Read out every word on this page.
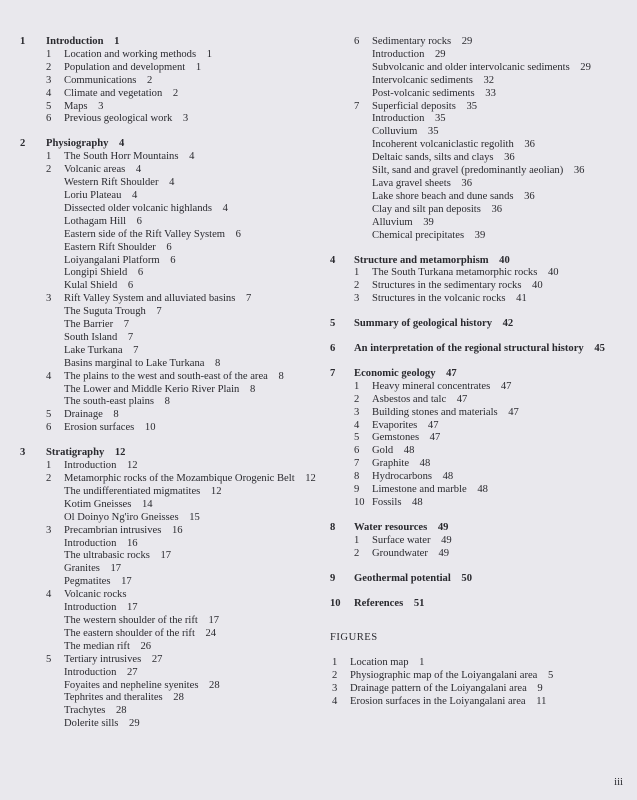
1	Introduction  1
1 Location and working methods  1
2 Population and development  1
3 Communications  2
4 Climate and vegetation  2
5 Maps  3
6 Previous geological work  3
2	Physiography  4
1 The South Horr Mountains  4
2 Volcanic areas  4
Western Rift Shoulder  4
Loriu Plateau  4
Dissected older volcanic highlands  4
Lothagam Hill  6
Eastern side of the Rift Valley System  6
Eastern Rift Shoulder  6
Loiyangalani Platform  6
Longipi Shield  6
Kulal Shield  6
3 Rift Valley System and alluviated basins  7
The Suguta Trough  7
The Barrier  7
South Island  7
Lake Turkana  7
Basins marginal to Lake Turkana  8
4 The plains to the west and south-east of the area  8
The Lower and Middle Kerio River Plain  8
The south-east plains  8
5 Drainage  8
6 Erosion surfaces  10
3	Stratigraphy  12
1 Introduction  12
2 Metamorphic rocks of the Mozambique Orogenic Belt  12
The undifferentiated migmatites  12
Kotim Gneisses  14
Ol Doinyo Ng'iro Gneisses  15
3 Precambrian intrusives  16
Introduction  16
The ultrabasic rocks  17
Granites  17
Pegmatites  17
4 Volcanic rocks
Introduction  17
The western shoulder of the rift  17
The eastern shoulder of the rift  24
The median rift  26
5 Tertiary intrusives  27
Introduction  27
Foyaites and nepheline syenites  28
Tephrites and theralites  28
Trachytes  28
Dolerite sills  29
6 Sedimentary rocks  29
Introduction  29
Subvolcanic and older intervolcanic sediments  29
Intervolcanic sediments  32
Post-volcanic sediments  33
7 Superficial deposits  35
Introduction  35
Colluvium  35
Incoherent volcaniclastic regolith  36
Deltaic sands, silts and clays  36
Silt, sand and gravel (predominantly aeolian)  36
Lava gravel sheets  36
Lake shore beach and dune sands  36
Clay and silt pan deposits  36
Alluvium  39
Chemical precipitates  39
4	Structure and metamorphism  40
1 The South Turkana metamorphic rocks  40
2 Structures in the sedimentary rocks  40
3 Structures in the volcanic rocks  41
5	Summary of geological history  42
6	An interpretation of the regional structural history  45
7	Economic geology  47
1 Heavy mineral concentrates  47
2 Asbestos and talc  47
3 Building stones and materials  47
4 Evaporites  47
5 Gemstones  47
6 Gold  48
7 Graphite  48
8 Hydrocarbons  48
9 Limestone and marble  48
10 Fossils  48
8	Water resources  49
1 Surface water  49
2 Groundwater  49
9	Geothermal potential  50
10	References  51
FIGURES
1 Location map  1
2 Physiographic map of the Loiyangalani area  5
3 Drainage pattern of the Loiyangalani area  9
4 Erosion surfaces in the Loiyangalani area  11
iii
